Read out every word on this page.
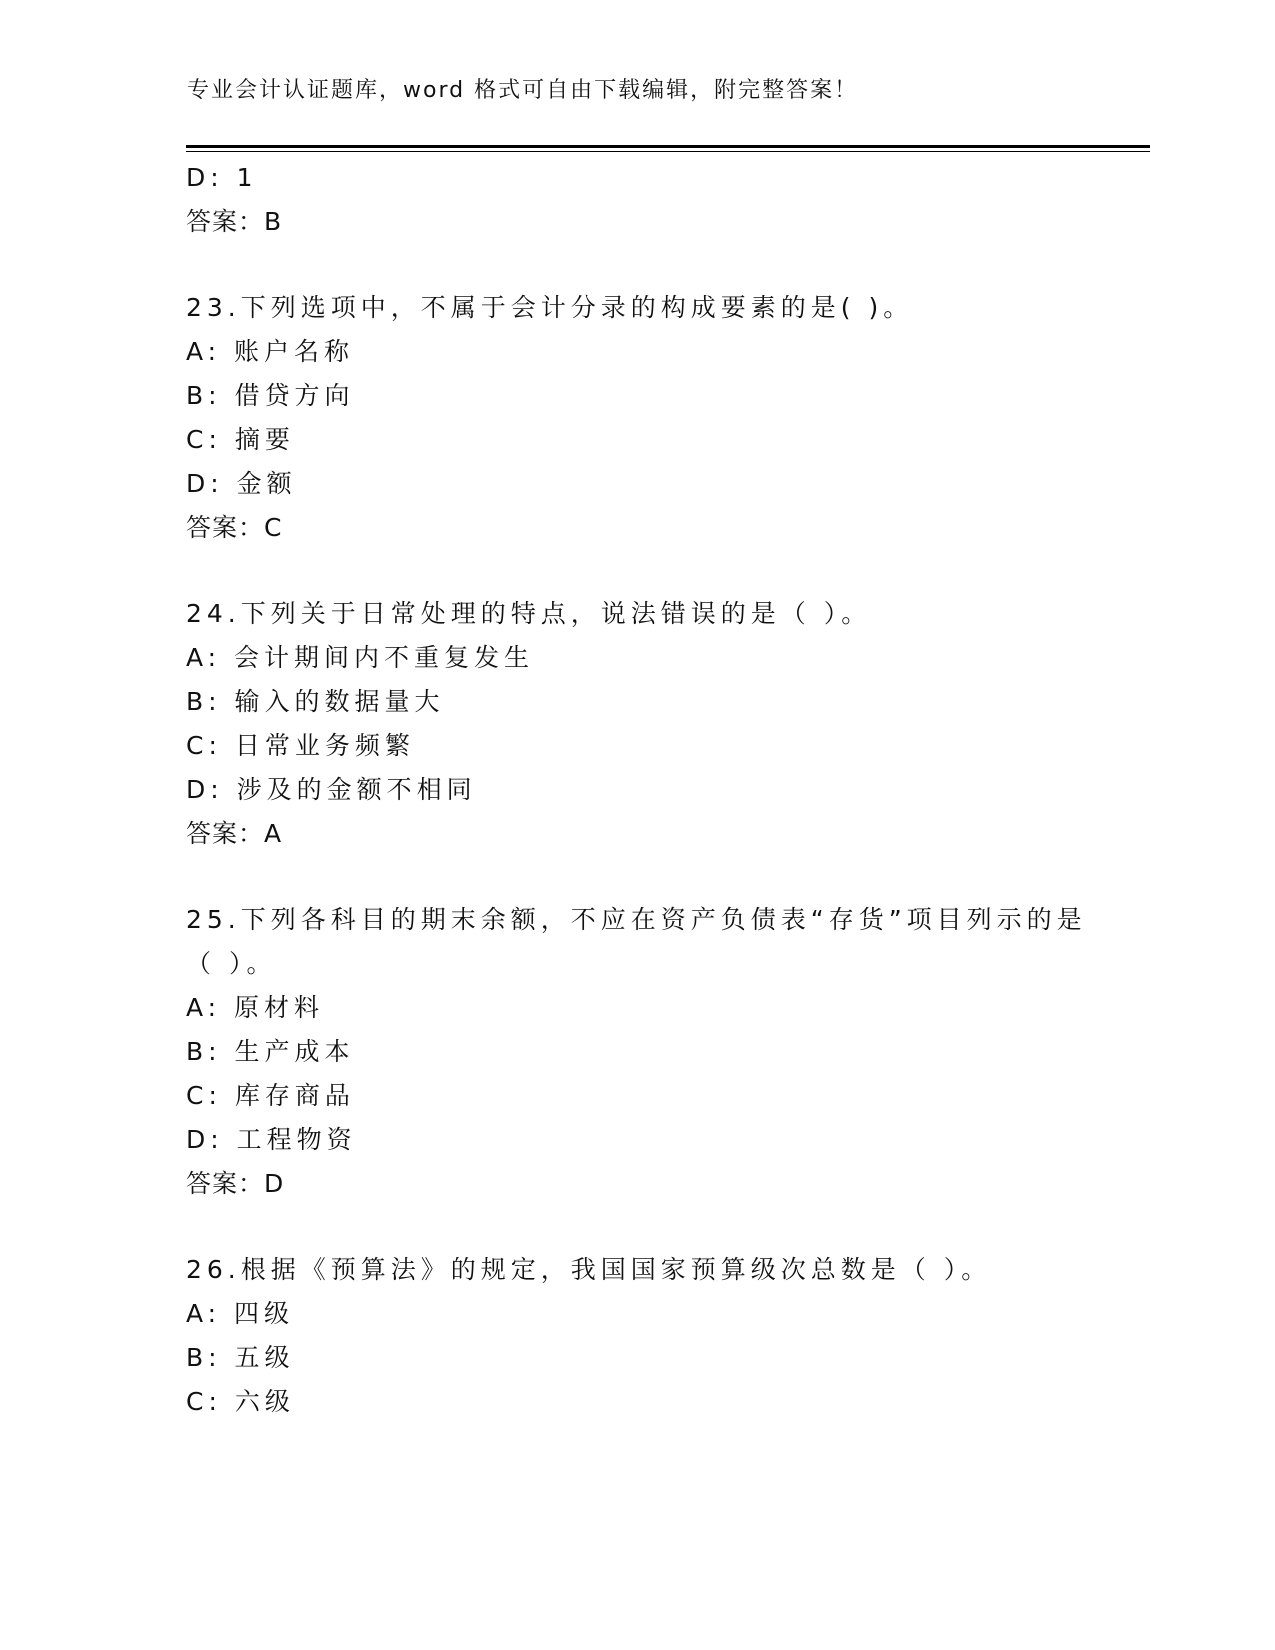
专业会计认证题库，word 格式可自由下载编辑，附完整答案！
D: 1
答案：B
23.下列选项中，不属于会计分录的构成要素的是( )。
A: 账户名称
B: 借贷方向
C: 摘要
D: 金额
答案：C
24.下列关于日常处理的特点，说法错误的是（ ）。
A: 会计期间内不重复发生
B: 输入的数据量大
C: 日常业务频繁
D: 涉及的金额不相同
答案：A
25.下列各科目的期末余额，不应在资产负债表“存货”项目列示的是
（ ）。
A: 原材料
B: 生产成本
C: 库存商品
D: 工程物资
答案：D
26.根据《预算法》的规定，我国国家预算级次总数是（ ）。
A: 四级
B: 五级
C: 六级
